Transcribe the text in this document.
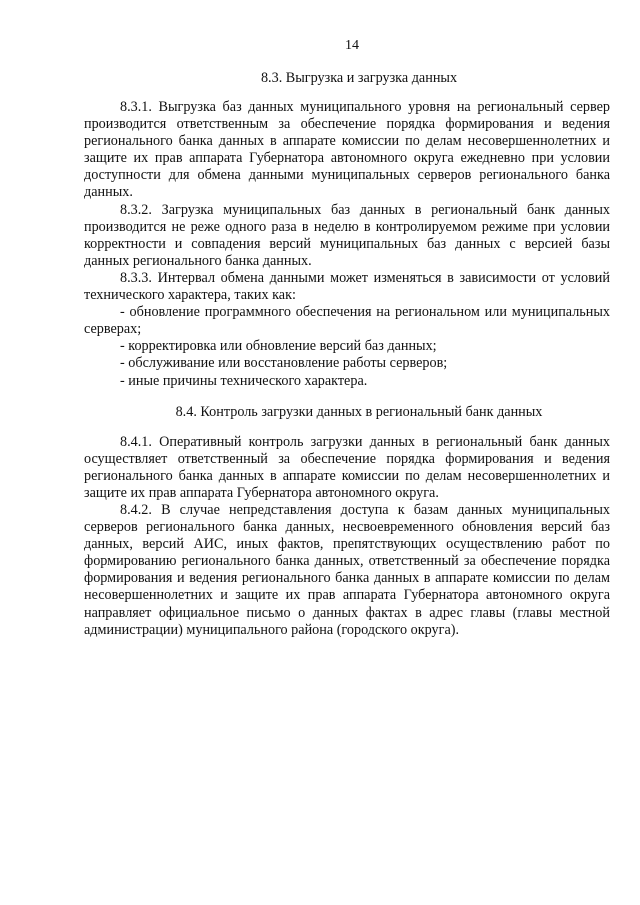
14
8.3. Выгрузка и загрузка данных

8.3.1. Выгрузка баз данных муниципального уровня на региональный сервер производится ответственным за обеспечение порядка формирования и ведения регионального банка данных в аппарате комиссии по делам несовершеннолетних и защите их прав аппарата Губернатора автономного округа ежедневно при условии доступности для обмена данными муниципальных серверов регионального банка данных.

8.3.2. Загрузка муниципальных баз данных в региональный банк данных производится не реже одного раза в неделю в контролируемом режиме при условии корректности и совпадения версий муниципальных баз данных с версией базы данных регионального банка данных.

8.3.3. Интервал обмена данными может изменяться в зависимости от условий технического характера, таких как:

- обновление программного обеспечения на региональном или муниципальных серверах;

- корректировка или обновление версий баз данных;

- обслуживание или восстановление работы серверов;

- иные причины технического характера.

8.4. Контроль загрузки данных в региональный банк данных

8.4.1. Оперативный контроль загрузки данных в региональный банк данных осуществляет ответственный за обеспечение порядка формирования и ведения регионального банка данных в аппарате комиссии по делам несовершеннолетних и защите их прав аппарата Губернатора автономного округа.

8.4.2. В случае непредставления доступа к базам данных муниципальных серверов регионального банка данных, несвоевременного обновления версий баз данных, версий АИС, иных фактов, препятствующих осуществлению работ по формированию регионального банка данных, ответственный за обеспечение порядка формирования и ведения регионального банка данных в аппарате комиссии по делам несовершеннолетних и защите их прав аппарата Губернатора автономного округа направляет официальное письмо о данных фактах в адрес главы (главы местной администрации) муниципального района (городского округа).
